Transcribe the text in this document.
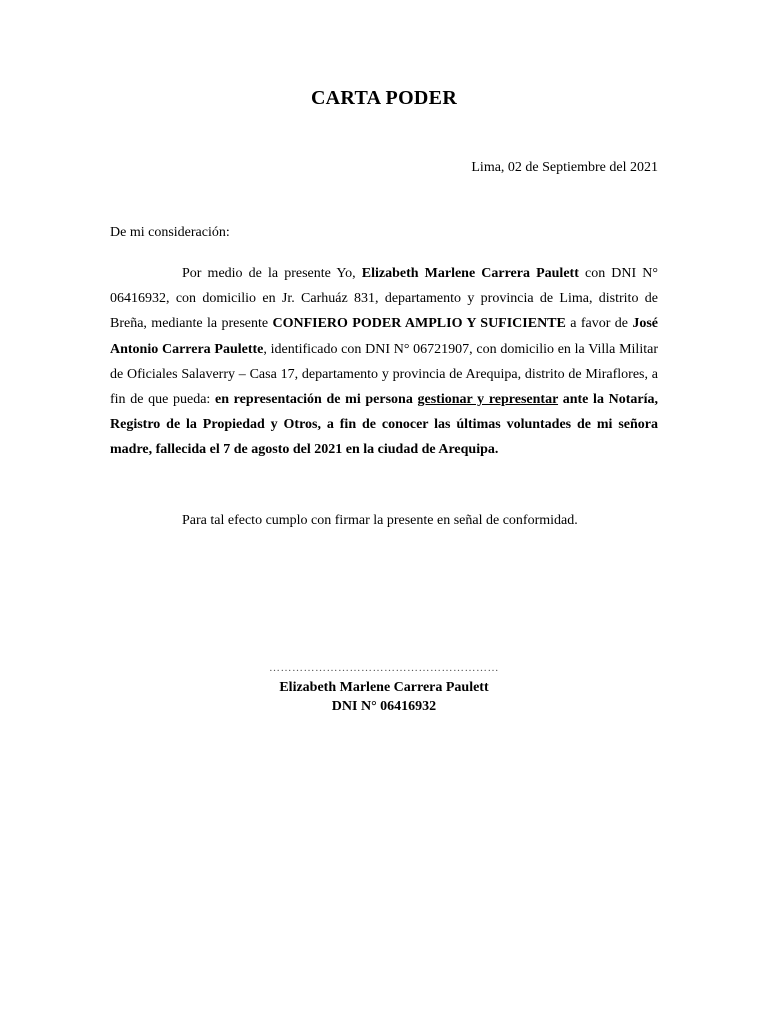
CARTA PODER
Lima, 02 de Septiembre del 2021
De mi consideración:
Por medio de la presente Yo, Elizabeth Marlene Carrera Paulett con DNI N° 06416932, con domicilio en Jr. Carhuáz 831, departamento y provincia de Lima, distrito de Breña, mediante la presente CONFIERO PODER AMPLIO Y SUFICIENTE a favor de José Antonio Carrera Paulette, identificado con DNI N° 06721907, con domicilio en la Villa Militar de Oficiales Salaverry – Casa 17, departamento y provincia de Arequipa, distrito de Miraflores, a fin de que pueda: en representación de mi persona gestionar y representar ante la Notaría, Registro de la Propiedad y Otros, a fin de conocer las últimas voluntades de mi señora madre, fallecida el 7 de agosto del 2021 en la ciudad de Arequipa.
Para tal efecto cumplo con firmar la presente en señal de conformidad.
……………………………………………………
Elizabeth Marlene Carrera Paulett
DNI N° 06416932
